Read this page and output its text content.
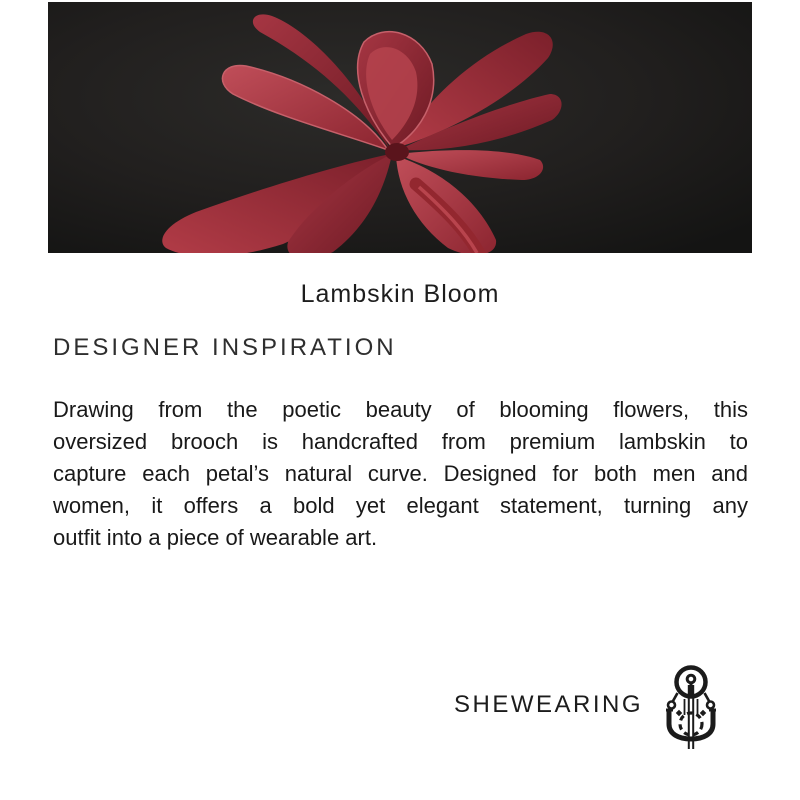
Lambskin Bloom
DESIGNER INSPIRATION
Drawing from the poetic beauty of blooming flowers, this
oversized brooch is handcrafted from premium lambskin to
capture each petal’s natural curve. Designed for both men and
women, it offers a bold yet elegant statement, turning any
outfit into a piece of wearable art.
SHEWEARING
